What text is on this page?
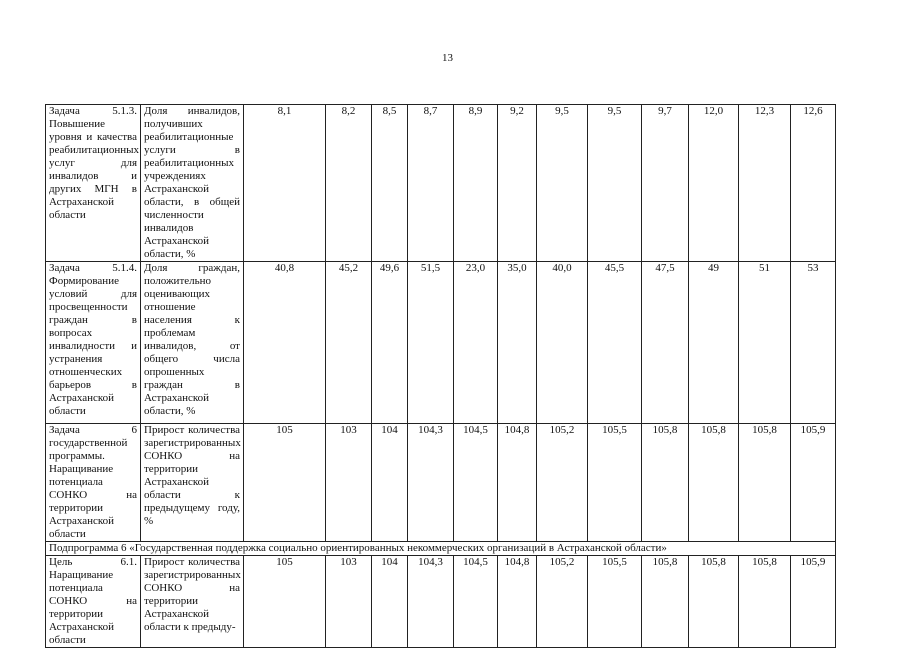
13
Задача 5.1.3. Повышение уровня и качества реабилитационных услуг для инвалидов и других МГН в Астраханской области	Доля инвалидов, получивших реабилитационные услуги в реабилитационных учреждениях Астраханской области, в общей численности инвалидов Астраханской области, %	8,1	8,2	8,5	8,7	8,9	9,2	9,5	9,5	9,7	12,0	12,3	12,6
Задача 5.1.4. Формирование условий для просвещенности граждан в вопросах инвалидности и устранения отношенческих барьеров в Астраханской области	Доля граждан, положительно оценивающих отношение населения к проблемам инвалидов, от общего числа опрошенных граждан в Астраханской области, %	40,8	45,2	49,6	51,5	23,0	35,0	40,0	45,5	47,5	49	51	53
Задача 6 государственной программы. Наращивание потенциала СОНКО на территории Астраханской области	Прирост количества зарегистрированных СОНКО на территории Астраханской области к предыдущему году, %	105	103	104	104,3	104,5	104,8	105,2	105,5	105,8	105,8	105,8	105,9
Подпрограмма 6 «Государственная поддержка социально ориентированных некоммерческих организаций в Астраханской области»													
Цель 6.1. Наращивание потенциала СОНКО на территории Астраханской области	Прирост количества зарегистрированных СОНКО на территории Астраханской области к предыду-	105	103	104	104,3	104,5	104,8	105,2	105,5	105,8	105,8	105,8	105,9
